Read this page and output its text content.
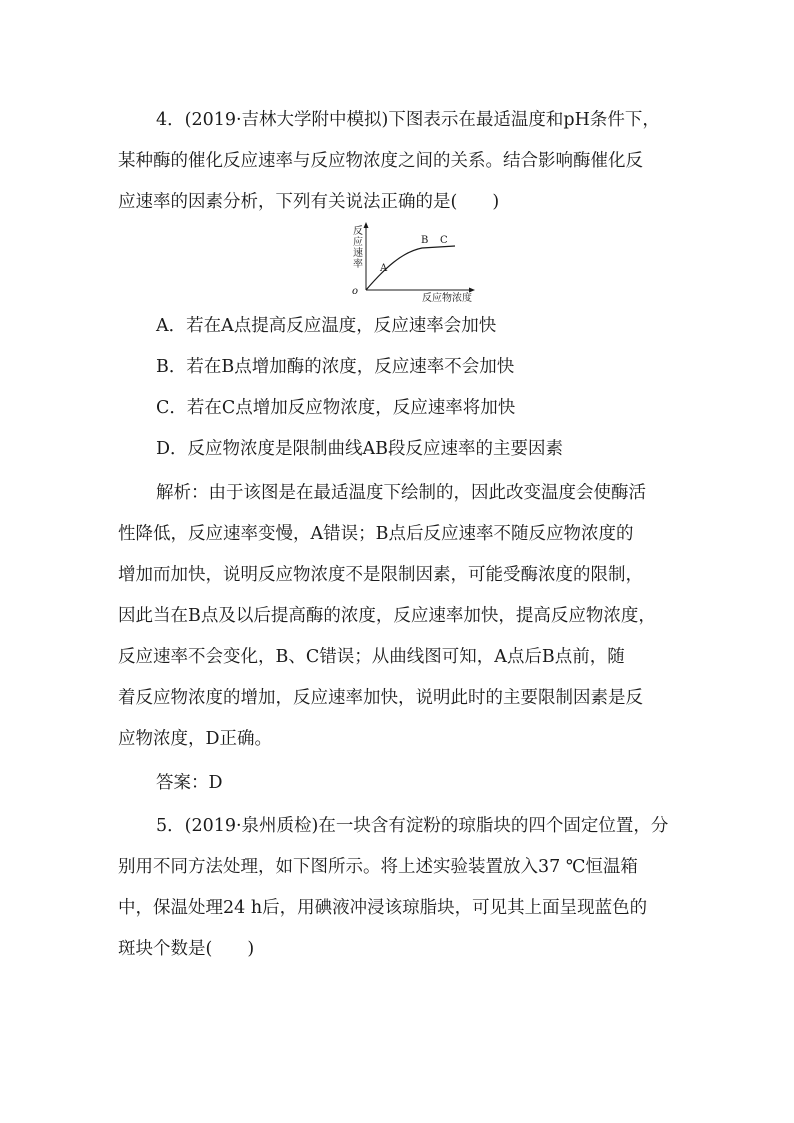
4．(2019·吉林大学附中模拟)下图表示在最适温度和pH条件下，

某种酶的催化反应速率与反应物浓度之间的关系。结合影响酶催化反

应速率的因素分析，下列有关说法正确的是(　　)

反
应
速
率
o
A
B C
反应物浓度

A．若在A点提高反应温度，反应速率会加快

B．若在B点增加酶的浓度，反应速率不会加快

C．若在C点增加反应物浓度，反应速率将加快

D．反应物浓度是限制曲线AB段反应速率的主要因素

解析：由于该图是在最适温度下绘制的，因此改变温度会使酶活

性降低，反应速率变慢，A错误；B点后反应速率不随反应物浓度的

增加而加快，说明反应物浓度不是限制因素，可能受酶浓度的限制，

因此当在B点及以后提高酶的浓度，反应速率加快，提高反应物浓度，

反应速率不会变化，B、C错误；从曲线图可知，A点后B点前，随

着反应物浓度的增加，反应速率加快，说明此时的主要限制因素是反

应物浓度，D正确。

答案：D

5．(2019·泉州质检)在一块含有淀粉的琼脂块的四个固定位置，分

别用不同方法处理，如下图所示。将上述实验装置放入37 ℃恒温箱

中，保温处理24 h后，用碘液冲浸该琼脂块，可见其上面呈现蓝色的

斑块个数是(　　)
